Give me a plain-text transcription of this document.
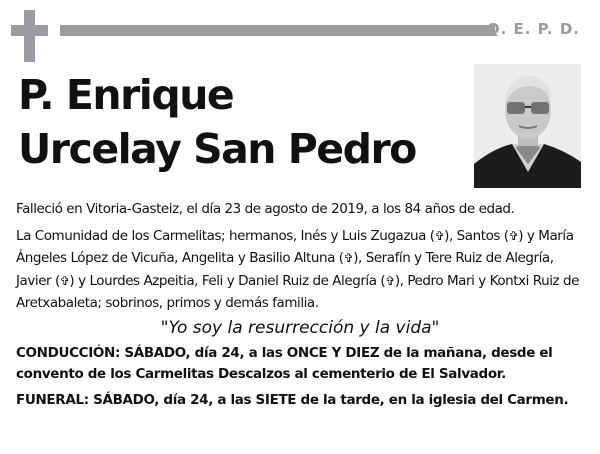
Q. E. P. D.
P. Enrique
Urcelay San Pedro

Falleció en Vitoria-Gasteiz, el día 23 de agosto de 2019, a los 84 años de edad.

La Comunidad de los Carmelitas; hermanos, Inés y Luis Zugazua (✞), Santos (✞) y María Ángeles López de Vicuña, Angelita y Basilio Altuna (✞), Serafín y Tere Ruiz de Alegría, Javier (✞) y Lourdes Azpeitia, Feli y Daniel Ruiz de Alegría (✞), Pedro Mari y Kontxi Ruiz de Aretxabaleta; sobrinos, primos y demás familia.

"Yo soy la resurrección y la vida"

CONDUCCIÓN: SÁBADO, día 24, a las ONCE Y DIEZ de la mañana, desde el convento de los Carmelitas Descalzos al cementerio de El Salvador.

FUNERAL: SÁBADO, día 24, a las SIETE de la tarde, en la iglesia del Carmen.
